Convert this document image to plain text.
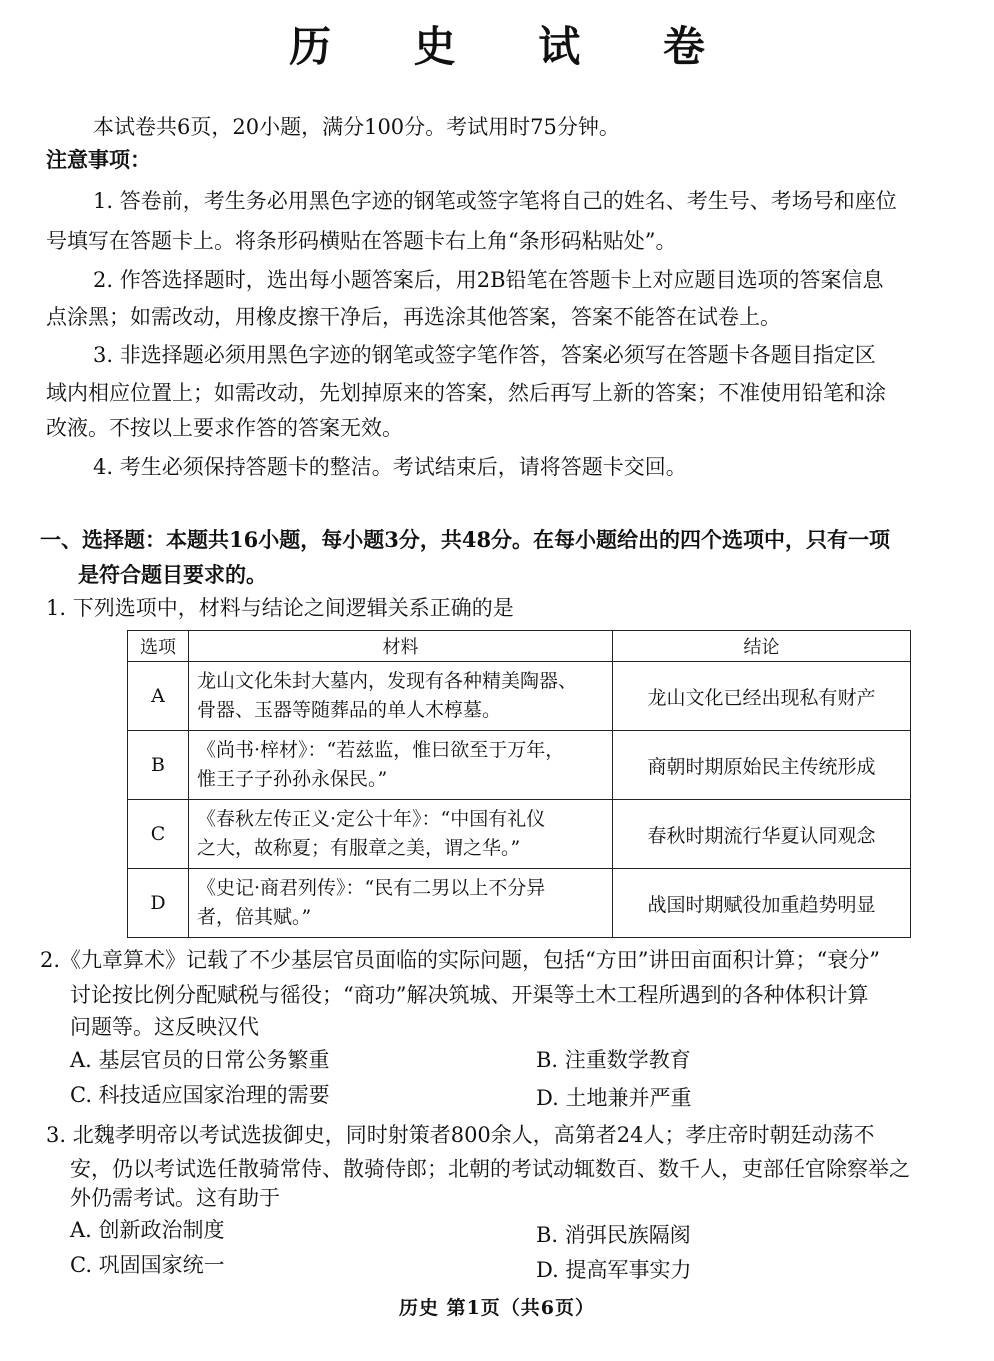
历 史 试 卷
本试卷共6页，20小题，满分100分。考试用时75分钟。
注意事项：
1. 答卷前，考生务必用黑色字迹的钢笔或签字笔将自己的姓名、考生号、考场号和座位
号填写在答题卡上。将条形码横贴在答题卡右上角“条形码粘贴处”。
2. 作答选择题时，选出每小题答案后，用2B铅笔在答题卡上对应题目选项的答案信息
点涂黑；如需改动，用橡皮擦干净后，再选涂其他答案，答案不能答在试卷上。
3. 非选择题必须用黑色字迹的钢笔或签字笔作答，答案必须写在答题卡各题目指定区
域内相应位置上；如需改动，先划掉原来的答案，然后再写上新的答案；不准使用铅笔和涂
改液。不按以上要求作答的答案无效。
4. 考生必须保持答题卡的整洁。考试结束后，请将答题卡交回。
一、选择题：本题共16小题，每小题3分，共48分。在每小题给出的四个选项中，只有一项
是符合题目要求的。
1. 下列选项中，材料与结论之间逻辑关系正确的是
选项	材料	结论
A	龙山文化朱封大墓内，发现有各种精美陶器、
骨器、玉器等随葬品的单人木椁墓。	龙山文化已经出现私有财产
B	《尚书·梓材》：“若兹监，惟曰欲至于万年，
惟王子子孙孙永保民。”	商朝时期原始民主传统形成
C	《春秋左传正义·定公十年》：“中国有礼仪
之大，故称夏；有服章之美，谓之华。”	春秋时期流行华夏认同观念
D	《史记·商君列传》：“民有二男以上不分异
者，倍其赋。”	战国时期赋役加重趋势明显
2.《九章算术》记载了不少基层官员面临的实际问题，包括“方田”讲田亩面积计算；“衰分”
讨论按比例分配赋税与徭役；“商功”解决筑城、开渠等土木工程所遇到的各种体积计算
问题等。这反映汉代
A. 基层官员的日常公务繁重	B. 注重数学教育
C. 科技适应国家治理的需要	D. 土地兼并严重
3. 北魏孝明帝以考试选拔御史，同时射策者800余人，高第者24人；孝庄帝时朝廷动荡不
安，仍以考试选任散骑常侍、散骑侍郎；北朝的考试动辄数百、数千人，吏部任官除察举之
外仍需考试。这有助于
A. 创新政治制度	B. 消弭民族隔阂
C. 巩固国家统一	D. 提高军事实力
历史 第1页（共6页）
